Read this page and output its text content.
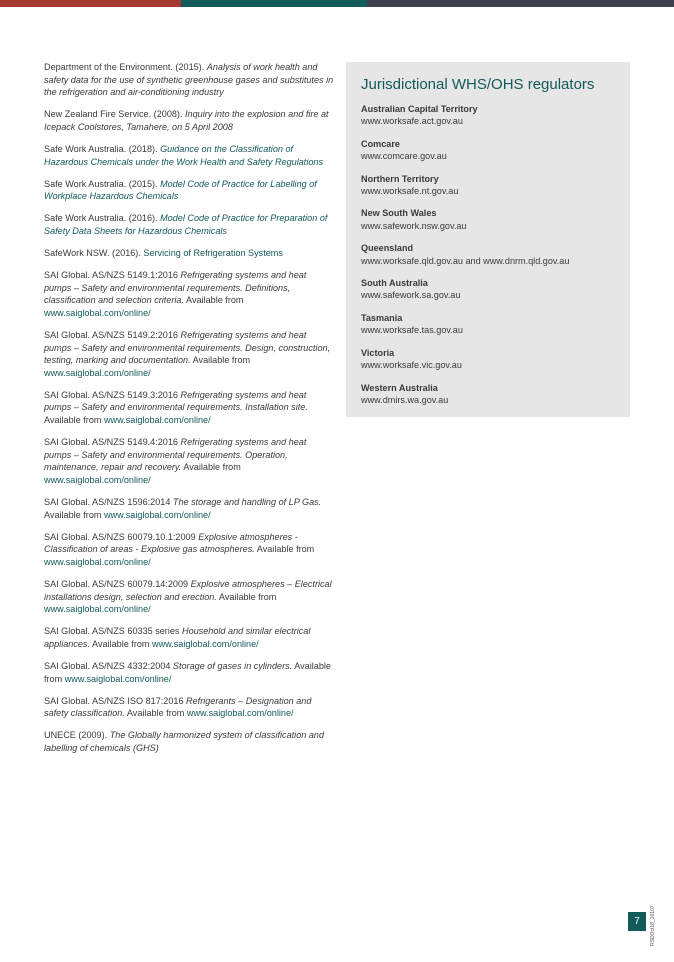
Department of the Environment. (2015). Analysis of work health and safety data for the use of synthetic greenhouse gases and substitutes in the refrigeration and air-conditioning industry
New Zealand Fire Service. (2008). Inquiry into the explosion and fire at Icepack Coolstores, Tamahere, on 5 April 2008
Safe Work Australia. (2018). Guidance on the Classification of Hazardous Chemicals under the Work Health and Safety Regulations
Safe Work Australia. (2015). Model Code of Practice for Labelling of Workplace Hazardous Chemicals
Safe Work Australia. (2016). Model Code of Practice for Preparation of Safety Data Sheets for Hazardous Chemicals
SafeWork NSW. (2016). Servicing of Refrigeration Systems
SAI Global. AS/NZS 5149.1:2016 Refrigerating systems and heat pumps – Safety and environmental requirements. Definitions, classification and selection criteria. Available from www.saiglobal.com/online/
SAI Global. AS/NZS 5149.2:2016 Refrigerating systems and heat pumps – Safety and environmental requirements. Design, construction, testing, marking and documentation. Available from www.saiglobal.com/online/
SAI Global. AS/NZS 5149.3:2016 Refrigerating systems and heat pumps – Safety and environmental requirements. Installation site. Available from www.saiglobal.com/online/
SAI Global. AS/NZS 5149.4:2016 Refrigerating systems and heat pumps – Safety and environmental requirements. Operation, maintenance, repair and recovery. Available from www.saiglobal.com/online/
SAI Global. AS/NZS 1596:2014 The storage and handling of LP Gas. Available from www.saiglobal.com/online/
SAI Global. AS/NZS 60079.10.1:2009 Explosive atmospheres - Classification of areas - Explosive gas atmospheres. Available from www.saiglobal.com/online/
SAI Global. AS/NZS 60079.14:2009 Explosive atmospheres – Electrical installations design, selection and erection. Available from www.saiglobal.com/online/
SAI Global. AS/NZS 60335 series Household and similar electrical appliances. Available from www.saiglobal.com/online/
SAI Global. AS/NZS 4332:2004 Storage of gases in cylinders. Available from www.saiglobal.com/online/
SAI Global. AS/NZS ISO 817:2016 Refrigerants – Designation and safety classification. Available from www.saiglobal.com/online/
UNECE (2009). The Globally harmonized system of classification and labelling of chemicals (GHS)
Jurisdictional WHS/OHS regulators
Australian Capital Territory
www.worksafe.act.gov.au
Comcare
www.comcare.gov.au
Northern Territory
www.worksafe.nt.gov.au
New South Wales
www.safework.nsw.gov.au
Queensland
www.worksafe.qld.gov.au and www.dnrm.qld.gov.au
South Australia
www.safework.sa.gov.au
Tasmania
www.worksafe.tas.gov.au
Victoria
www.worksafe.vic.gov.au
Western Australia
www.dmirs.wa.gov.au
7	RSDOct18_16107
